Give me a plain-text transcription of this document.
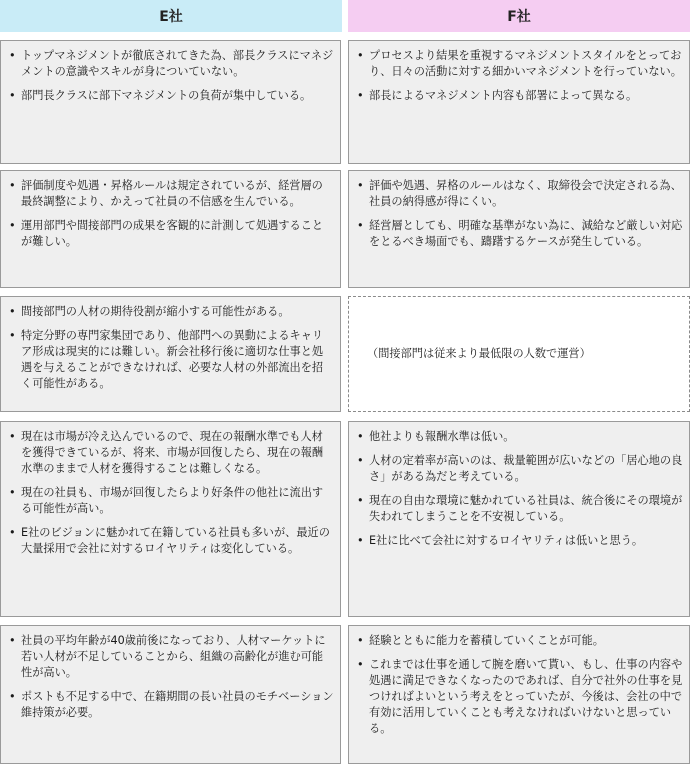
E社	F社
• トップマネジメントが徹底されてきた為、部長クラスにマネジメントの意識やスキルが身についていない。
• 部門長クラスに部下マネジメントの負荷が集中している。
• プロセスより結果を重視するマネジメントスタイルをとっており、日々の活動に対する細かいマネジメントを行っていない。
• 部長によるマネジメント内容も部署によって異なる。
• 評価制度や処遇・昇格ルールは規定されているが、経営層の最終調整により、かえって社員の不信感を生んでいる。
• 運用部門や間接部門の成果を客観的に計測して処遇することが難しい。
• 評価や処遇、昇格のルールはなく、取締役会で決定される為、社員の納得感が得にくい。
• 経営層としても、明確な基準がない為に、減給など厳しい対応をとるべき場面でも、躊躇するケースが発生している。
• 間接部門の人材の期待役割が縮小する可能性がある。
• 特定分野の専門家集団であり、他部門への異動によるキャリア形成は現実的には難しい。新会社移行後に適切な仕事と処遇を与えることができなければ、必要な人材の外部流出を招く可能性がある。
（間接部門は従来より最低限の人数で運営）
• 現在は市場が冷え込んでいるので、現在の報酬水準でも人材を獲得できているが、将来、市場が回復したら、現在の報酬水準のままで人材を獲得することは難しくなる。
• 現在の社員も、市場が回復したらより好条件の他社に流出する可能性が高い。
• E社のビジョンに魅かれて在籍している社員も多いが、最近の大量採用で会社に対するロイヤリティは変化している。
• 他社よりも報酬水準は低い。
• 人材の定着率が高いのは、裁量範囲が広いなどの「居心地の良さ」がある為だと考えている。
• 現在の自由な環境に魅かれている社員は、統合後にその環境が失われてしまうことを不安視している。
• E社に比べて会社に対するロイヤリティは低いと思う。
• 社員の平均年齢が40歳前後になっており、人材マーケットに若い人材が不足していることから、組織の高齢化が進む可能性が高い。
• ポストも不足する中で、在籍期間の長い社員のモチベーション維持策が必要。
• 経験とともに能力を蓄積していくことが可能。
• これまでは仕事を通して腕を磨いて貰い、もし、仕事の内容や処遇に満足できなくなったのであれば、自分で社外の仕事を見つければよいという考えをとっていたが、今後は、会社の中で有効に活用していくことも考えなければいけないと思っている。
